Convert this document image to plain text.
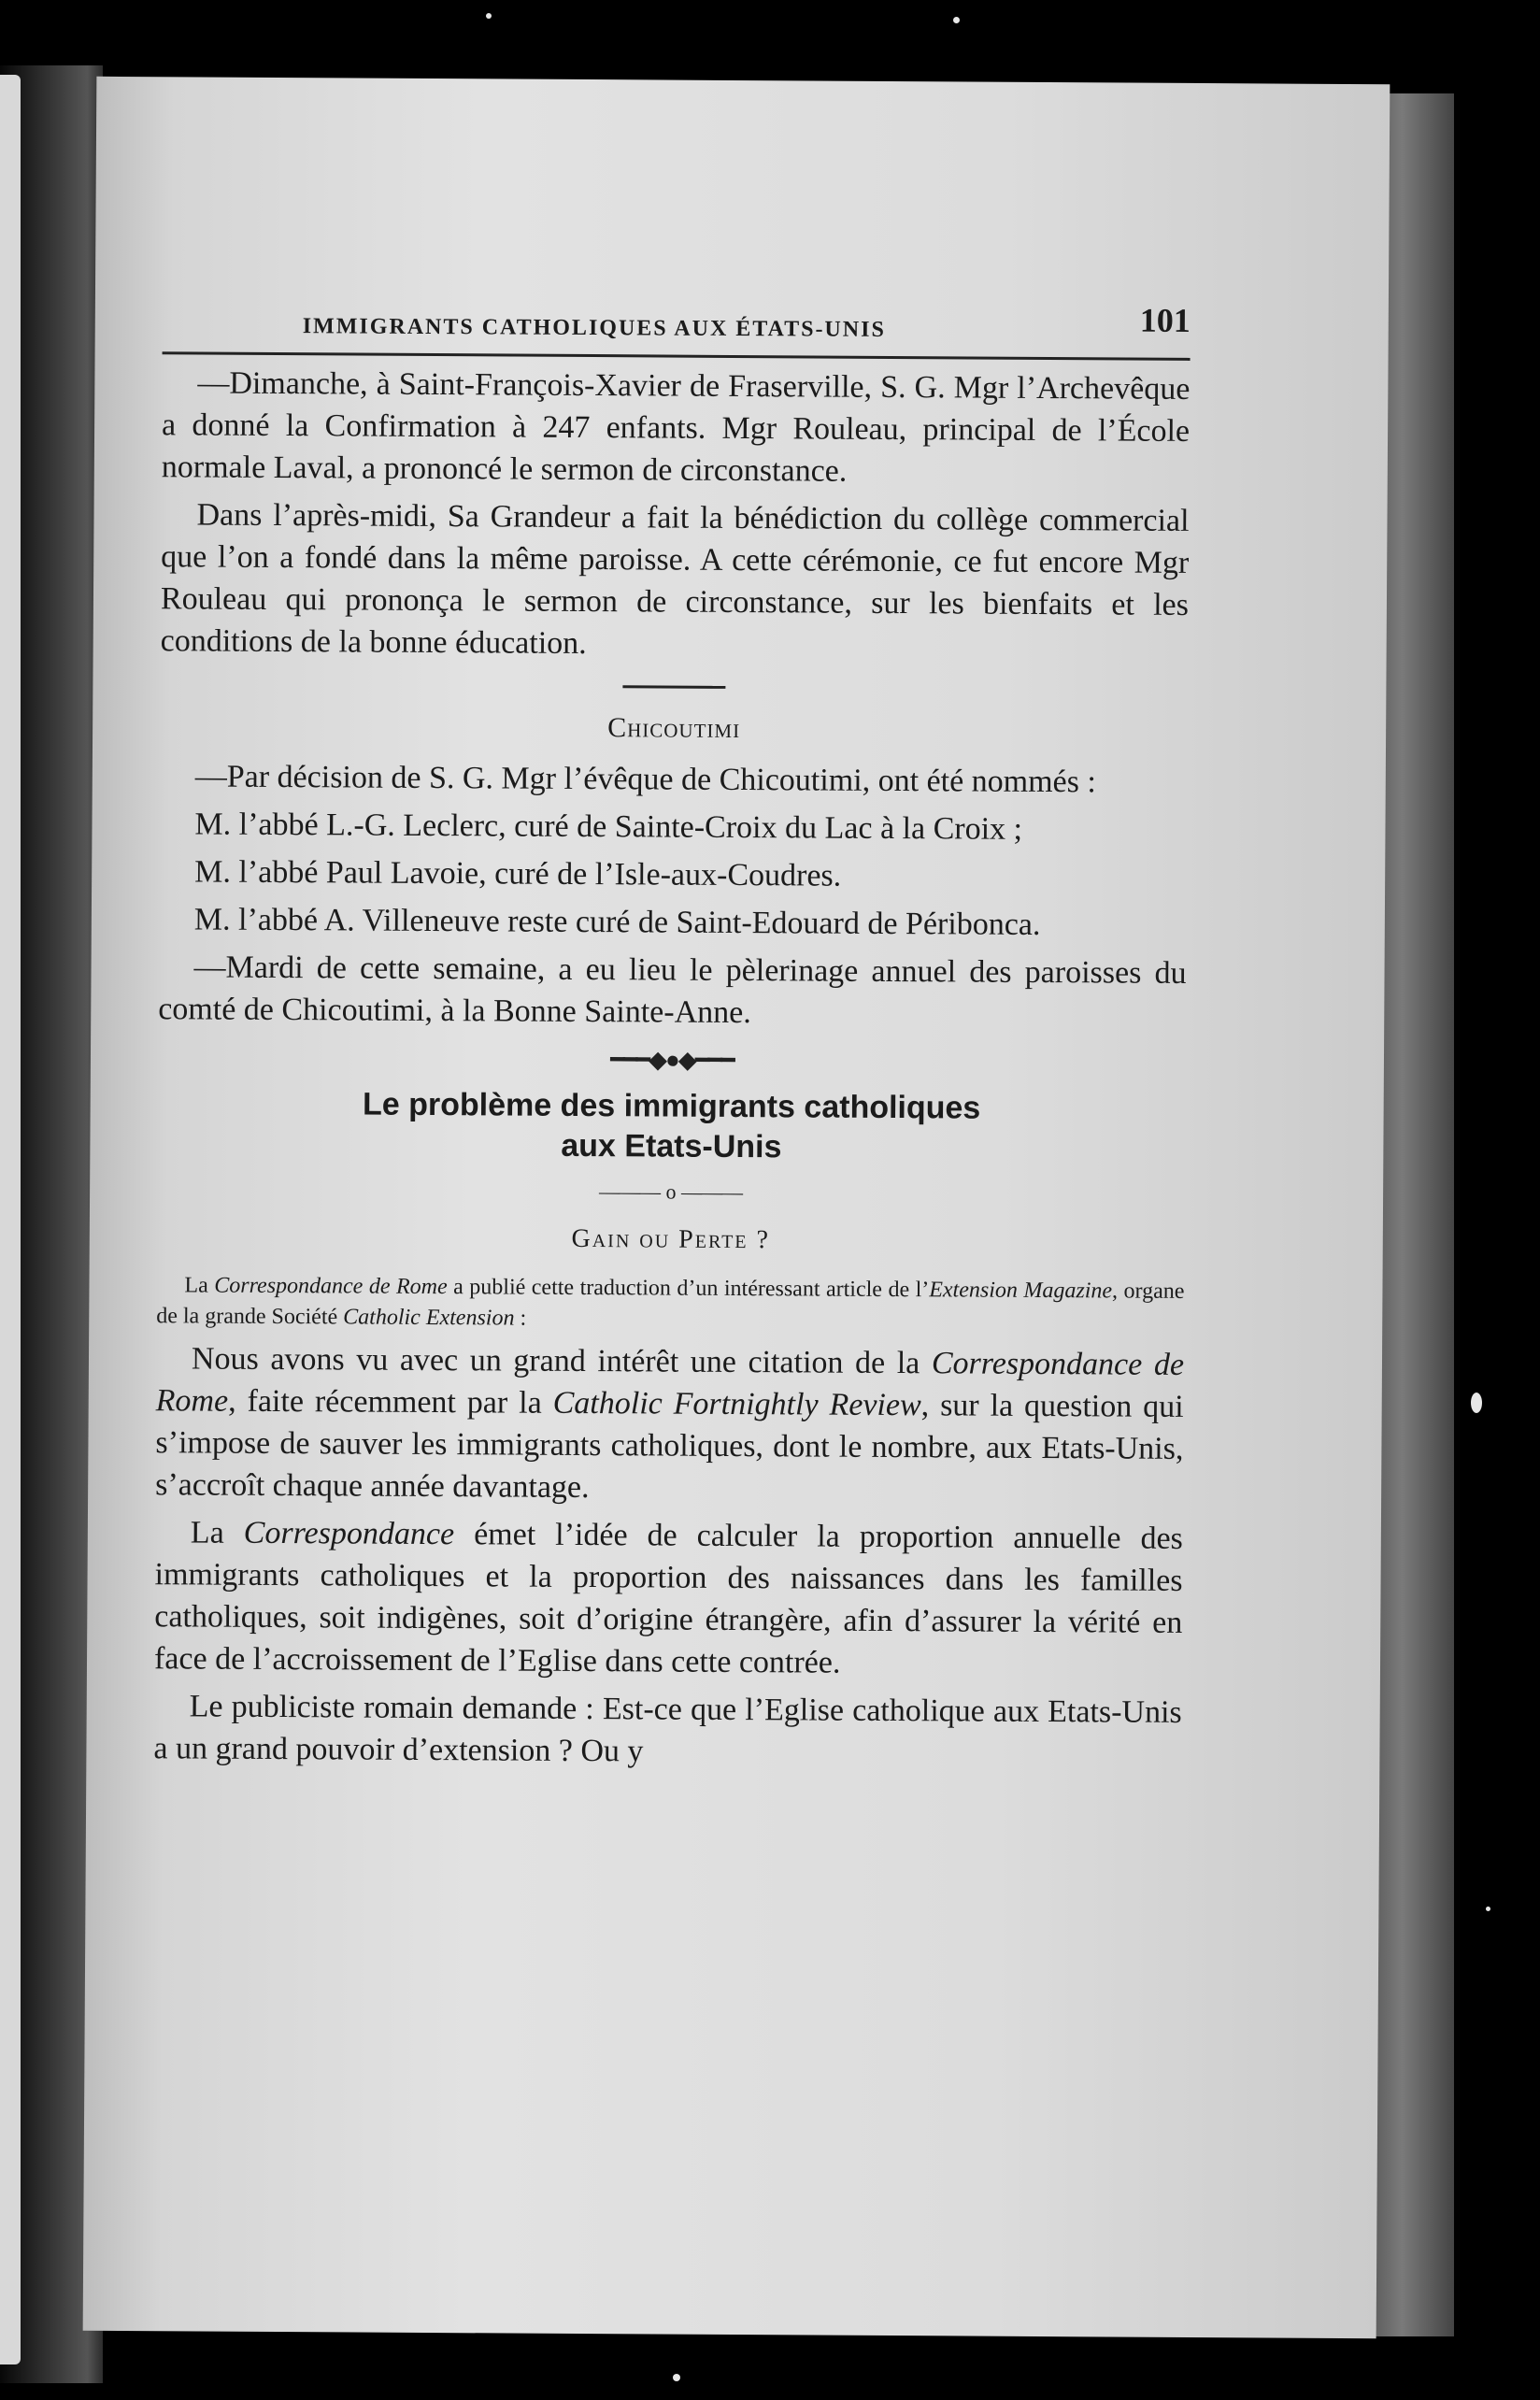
IMMIGRANTS CATHOLIQUES AUX ÉTATS-UNIS	101

—Dimanche, à Saint-François-Xavier de Fraserville, S. G. Mgr l’Archevêque a donné la Confirmation à 247 enfants. Mgr Rouleau, principal de l’École normale Laval, a prononcé le sermon de circonstance.

Dans l’après-midi, Sa Grandeur a fait la bénédiction du collège commercial que l’on a fondé dans la même paroisse. A cette cérémonie, ce fut encore Mgr Rouleau qui prononça le sermon de circonstance, sur les bienfaits et les conditions de la bonne éducation.

Chicoutimi

—Par décision de S. G. Mgr l’évêque de Chicoutimi, ont été nommés :

M. l’abbé L.-G. Leclerc, curé de Sainte-Croix du Lac à la Croix ;

M. l’abbé Paul Lavoie, curé de l’Isle-aux-Coudres.

M. l’abbé A. Villeneuve reste curé de Saint-Edouard de Péribonca.

—Mardi de cette semaine, a eu lieu le pèlerinage annuel des paroisses du comté de Chicoutimi, à la Bonne Sainte-Anne.

━━━◆●◆━━━
Le problème des immigrants catholiques
aux Etats-Unis
——— o ———
Gain ou Perte ?

La Correspondance de Rome a publié cette traduction d’un intéressant article de l’Extension Magazine, organe de la grande Société Catholic Extension :

Nous avons vu avec un grand intérêt une citation de la Correspondance de Rome, faite récemment par la Catholic Fortnightly Review, sur la question qui s’impose de sauver les immigrants catholiques, dont le nombre, aux Etats-Unis, s’accroît chaque année davantage.

La Correspondance émet l’idée de calculer la proportion annuelle des immigrants catholiques et la proportion des naissances dans les familles catholiques, soit indigènes, soit d’origine étrangère, afin d’assurer la vérité en face de l’accroissement de l’Eglise dans cette contrée.

Le publiciste romain demande : Est-ce que l’Eglise catholique aux Etats-Unis a un grand pouvoir d’extension ? Ou y
